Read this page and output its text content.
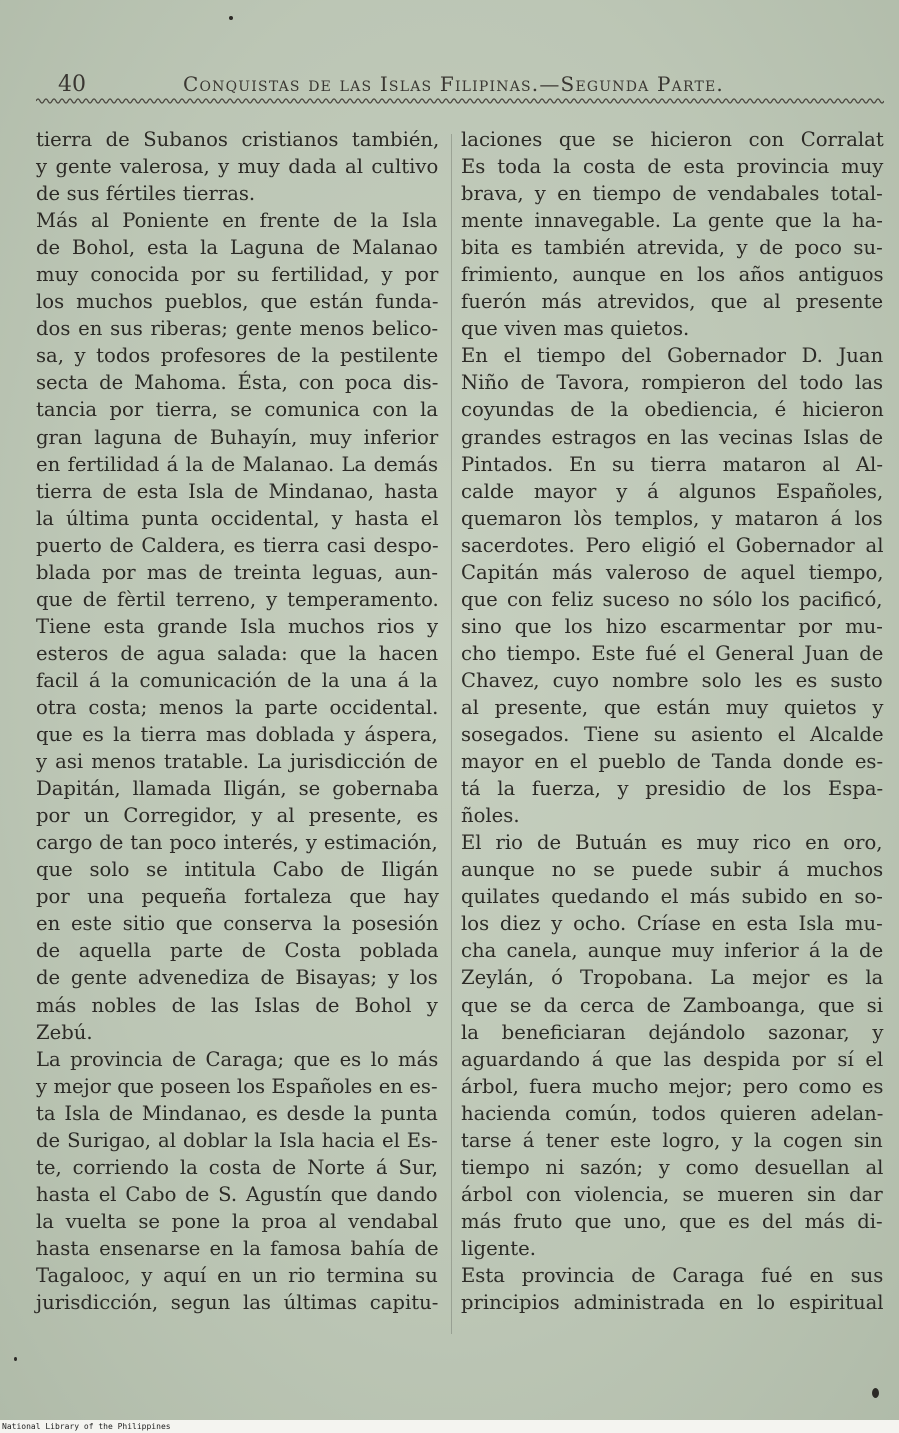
40	Conquistas de las Islas Filipinas.—Segunda Parte.
tierra de Subanos cristianos también,
y gente valerosa, y muy dada al cultivo
de sus fértiles tierras.
Más al Poniente en frente de la Isla
de Bohol, esta la Laguna de Malanao
muy conocida por su fertilidad, y por
los muchos pueblos, que están funda-
dos en sus riberas; gente menos belico-
sa, y todos profesores de la pestilente
secta de Mahoma. Ésta, con poca dis-
tancia por tierra, se comunica con la
gran laguna de Buhayín, muy inferior
en fertilidad á la de Malanao. La demás
tierra de esta Isla de Mindanao, hasta
la última punta occidental, y hasta el
puerto de Caldera, es tierra casi despo-
blada por mas de treinta leguas, aun-
que de fèrtil terreno, y temperamento.
Tiene esta grande Isla muchos rios y
esteros de agua salada: que la hacen
facil á la comunicación de la una á la
otra costa; menos la parte occidental.
que es la tierra mas doblada y áspera,
y asi menos tratable. La jurisdicción de
Dapitán, llamada Iligán, se gobernaba
por un Corregidor, y al presente, es
cargo de tan poco interés, y estimación,
que solo se intitula Cabo de Iligán
por una pequeña fortaleza que hay
en este sitio que conserva la posesión
de aquella parte de Costa poblada
de gente advenediza de Bisayas; y los
más nobles de las Islas de Bohol y
Zebú.
La provincia de Caraga; que es lo más
y mejor que poseen los Españoles en es-
ta Isla de Mindanao, es desde la punta
de Surigao, al doblar la Isla hacia el Es-
te, corriendo la costa de Norte á Sur,
hasta el Cabo de S. Agustín que dando
la vuelta se pone la proa al vendabal
hasta ensenarse en la famosa bahía de
Tagalooc, y aquí en un rio termina su
jurisdicción, segun las últimas capitu-
laciones que se hicieron con Corralat
Es toda la costa de esta provincia muy
brava, y en tiempo de vendabales total-
mente innavegable. La gente que la ha-
bita es también atrevida, y de poco su-
frimiento, aunque en los años antiguos
fuerón más atrevidos, que al presente
que viven mas quietos.
En el tiempo del Gobernador D. Juan
Niño de Tavora, rompieron del todo las
coyundas de la obediencia, é hicieron
grandes estragos en las vecinas Islas de
Pintados. En su tierra mataron al Al-
calde mayor y á algunos Españoles,
quemaron lòs templos, y mataron á los
sacerdotes. Pero eligió el Gobernador al
Capitán más valeroso de aquel tiempo,
que con feliz suceso no sólo los pacificó,
sino que los hizo escarmentar por mu-
cho tiempo. Este fué el General Juan de
Chavez, cuyo nombre solo les es susto
al presente, que están muy quietos y
sosegados. Tiene su asiento el Alcalde
mayor en el pueblo de Tanda donde es-
tá la fuerza, y presidio de los Espa-
ñoles.
El rio de Butuán es muy rico en oro,
aunque no se puede subir á muchos
quilates quedando el más subido en so-
los diez y ocho. Críase en esta Isla mu-
cha canela, aunque muy inferior á la de
Zeylán, ó Tropobana. La mejor es la
que se da cerca de Zamboanga, que si
la beneficiaran dejándolo sazonar, y
aguardando á que las despida por sí el
árbol, fuera mucho mejor; pero como es
hacienda común, todos quieren adelan-
tarse á tener este logro, y la cogen sin
tiempo ni sazón; y como desuellan al
árbol con violencia, se mueren sin dar
más fruto que uno, que es del más di-
ligente.
Esta provincia de Caraga fué en sus
principios administrada en lo espiritual
National Library of the Philippines
